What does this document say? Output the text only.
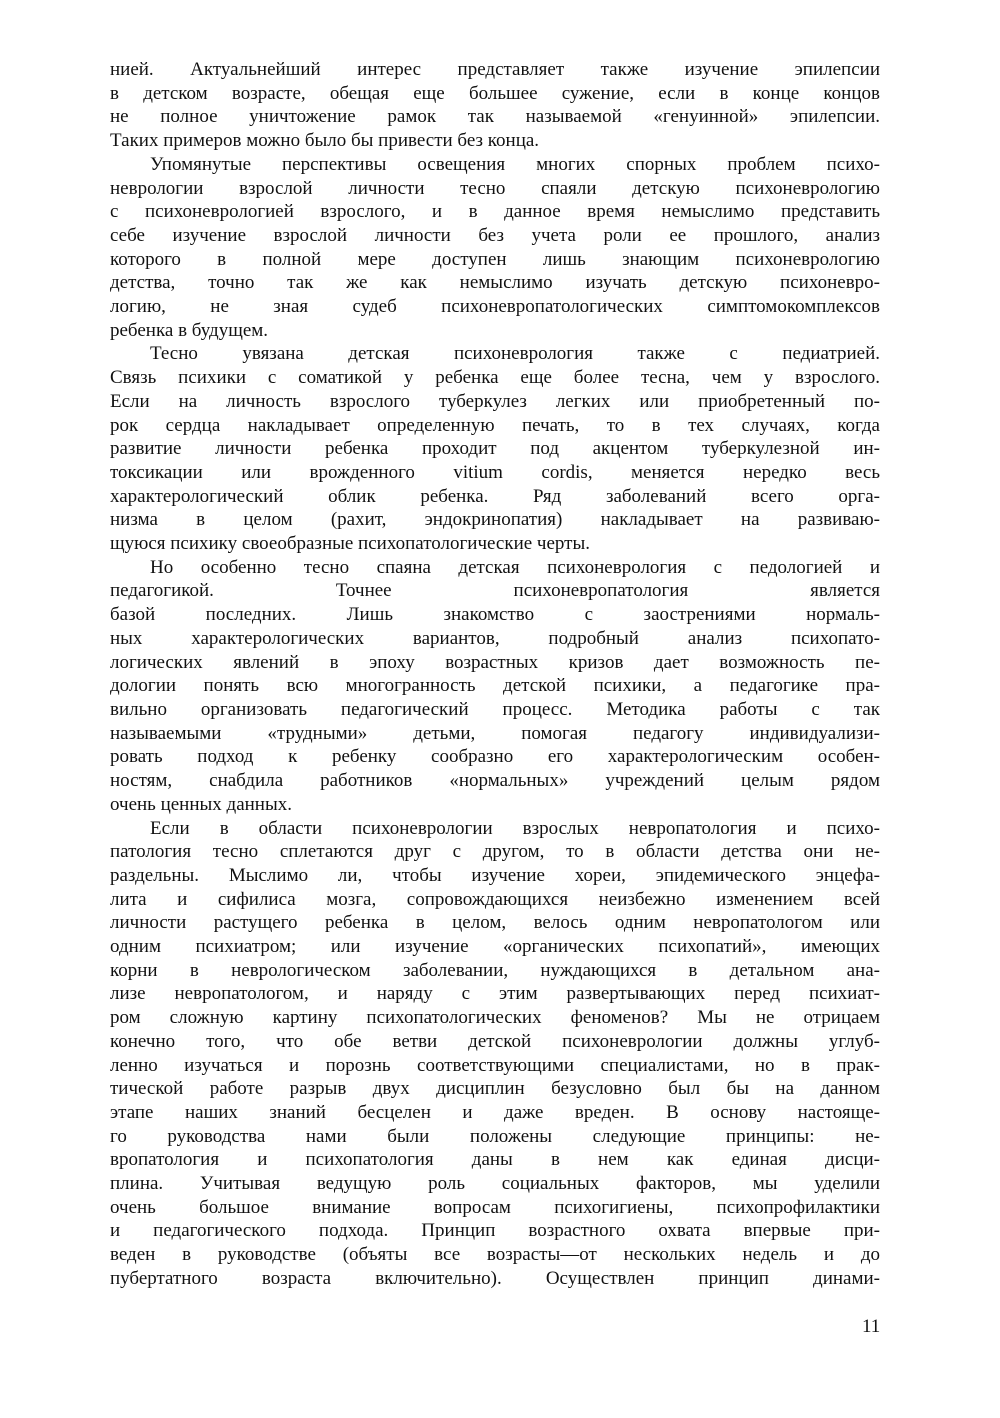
нией. Актуальнейший интерес представляет также изучение эпилепсии
в детском возрасте, обещая еще большее сужение, если в конце концов
не полное уничтожение рамок так называемой «генуинной» эпилепсии.
Таких примеров можно было бы привести без конца.

Упомянутые перспективы освещения многих спорных проблем психо-
неврологии взрослой личности тесно спаяли детскую психоневрологию
с психоневрологией взрослого, и в данное время немыслимо представить
себе изучение взрослой личности без учета роли ее прошлого, анализ
которого в полной мере доступен лишь знающим психоневрологию
детства, точно так же как немыслимо изучать детскую психоневро-
логию, не зная судеб психоневропатологических симптомокомплексов
ребенка в будущем.

Тесно увязана детская психоневрология также с педиатрией.
Связь психики с соматикой у ребенка еще более тесна, чем у взрослого.
Если на личность взрослого туберкулез легких или приобретенный по-
рок сердца накладывает определенную печать, то в тех случаях, когда
развитие личности ребенка проходит под акцентом туберкулезной ин-
токсикации или врожденного vitium cordis, меняется нередко весь
характерологический облик ребенка. Ряд заболеваний всего орга-
низма в целом (рахит, эндокринопатия) накладывает на развиваю-
щуюся психику своеобразные психопатологические черты.

Но особенно тесно спаяна детская психоневрология с педологией и
педагогикой. Точнее психоневропатология является
базой последних. Лишь знакомство с заострениями нормаль-
ных характерологических вариантов, подробный анализ психопато-
логических явлений в эпоху возрастных кризов дает возможность пе-
дологии понять всю многогранность детской психики, а педагогике пра-
вильно организовать педагогический процесс. Методика работы с так
называемыми «трудными» детьми, помогая педагогу индивидуализи-
ровать подход к ребенку сообразно его характерологическим особен-
ностям, снабдила работников «нормальных» учреждений целым рядом
очень ценных данных.

Если в области психоневрологии взрослых невропатология и психо-
патология тесно сплетаются друг с другом, то в области детства они не-
раздельны. Мыслимо ли, чтобы изучение хореи, эпидемического энцефа-
лита и сифилиса мозга, сопровождающихся неизбежно изменением всей
личности растущего ребенка в целом, велось одним невропатологом или
одним психиатром; или изучение «органических психопатий», имеющих
корни в неврологическом заболевании, нуждающихся в детальном ана-
лизе невропатологом, и наряду с этим развертывающих перед психиат-
ром сложную картину психопатологических феноменов? Мы не отрицаем
конечно того, что обе ветви детской психоневрологии должны углуб-
ленно изучаться и порознь соответствующими специалистами, но в прак-
тической работе разрыв двух дисциплин безусловно был бы на данном
этапе наших знаний бесцелен и даже вреден. В основу настояще-
го руководства нами были положены следующие принципы: не-
вропатология и психопатология даны в нем как единая дисци-
плина. Учитывая ведущую роль социальных факторов, мы уделили
очень большое внимание вопросам психогигиены, психопрофилактики
и педагогического подхода. Принцип возрастного охвата впервые при-
веден в руководстве (объяты все возрасты—от нескольких недель и до
пубертатного возраста включительно). Осуществлен принцип динами-

11
